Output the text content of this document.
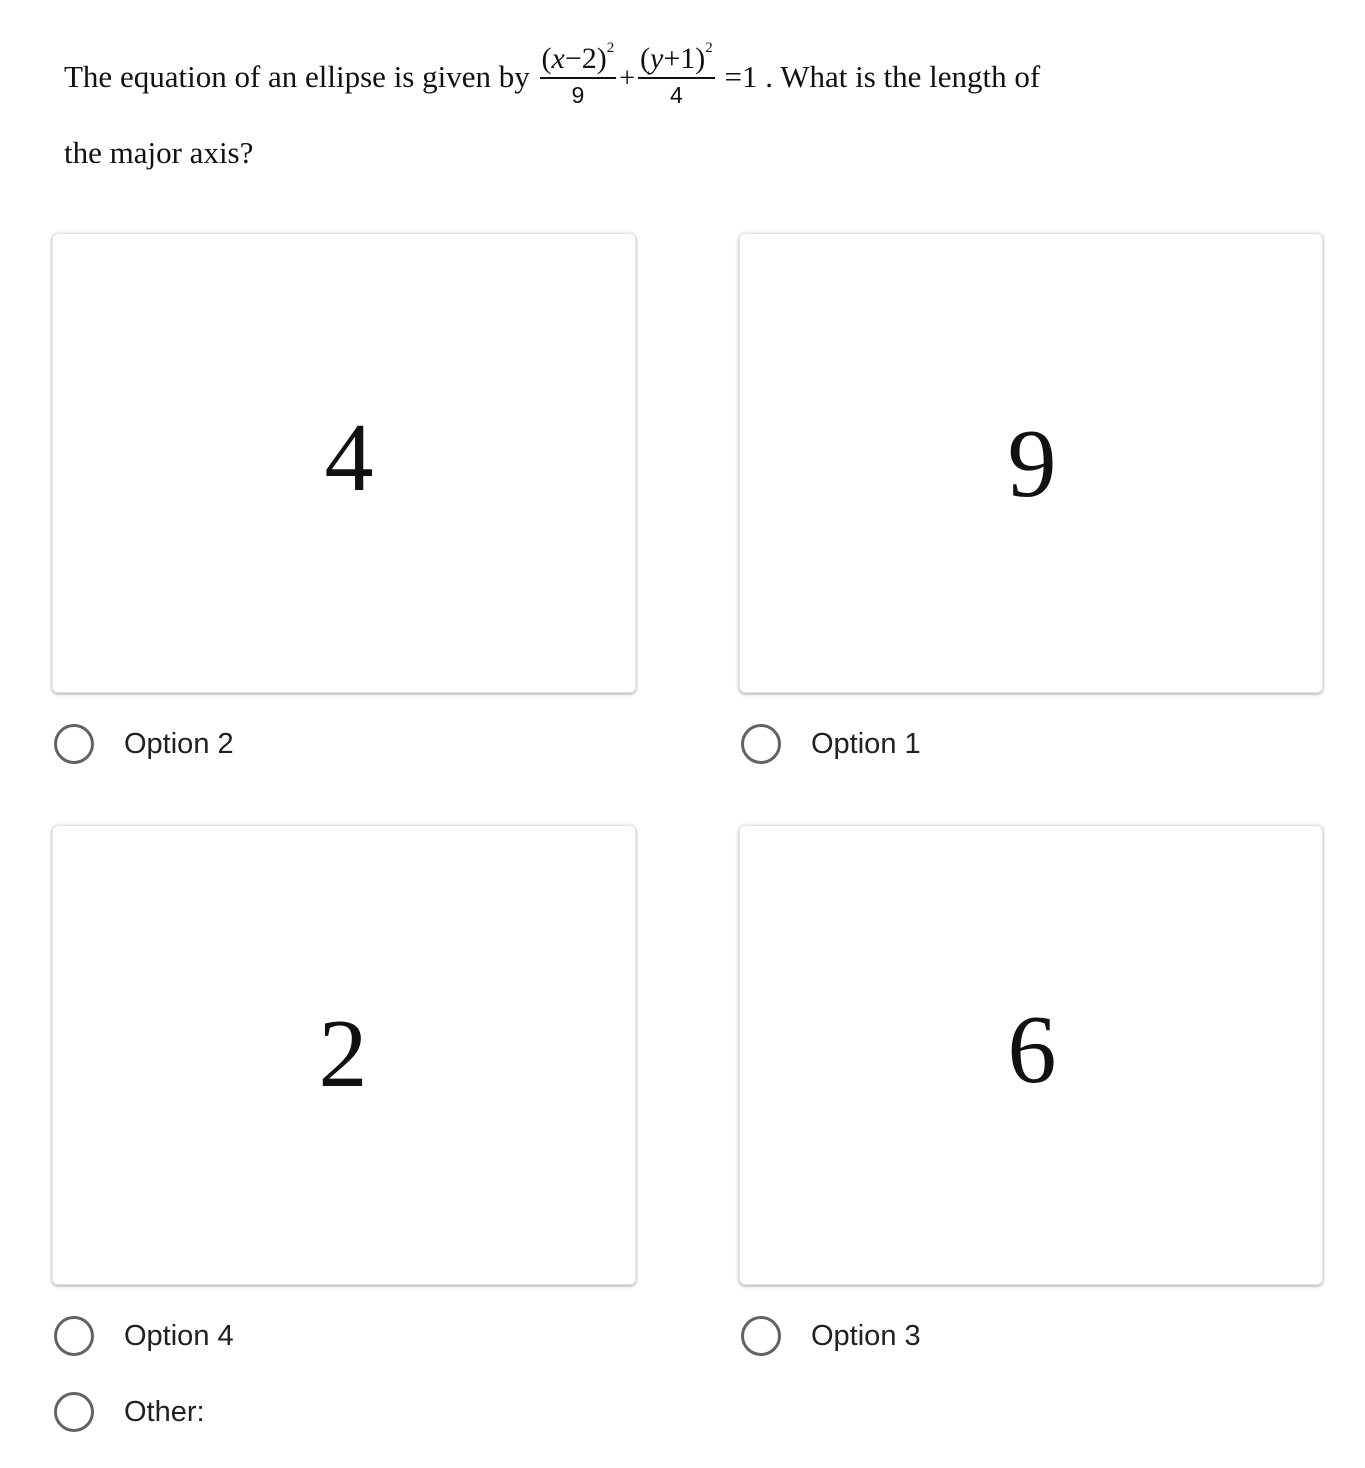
The equation of an ellipse is given by $\frac{(x-2)^2}{9} + \frac{(y+1)^2}{4} =1$ . What is the length of
the major axis?
4
Option 2
9
Option 1
2
Option 4
6
Option 3
Other:
